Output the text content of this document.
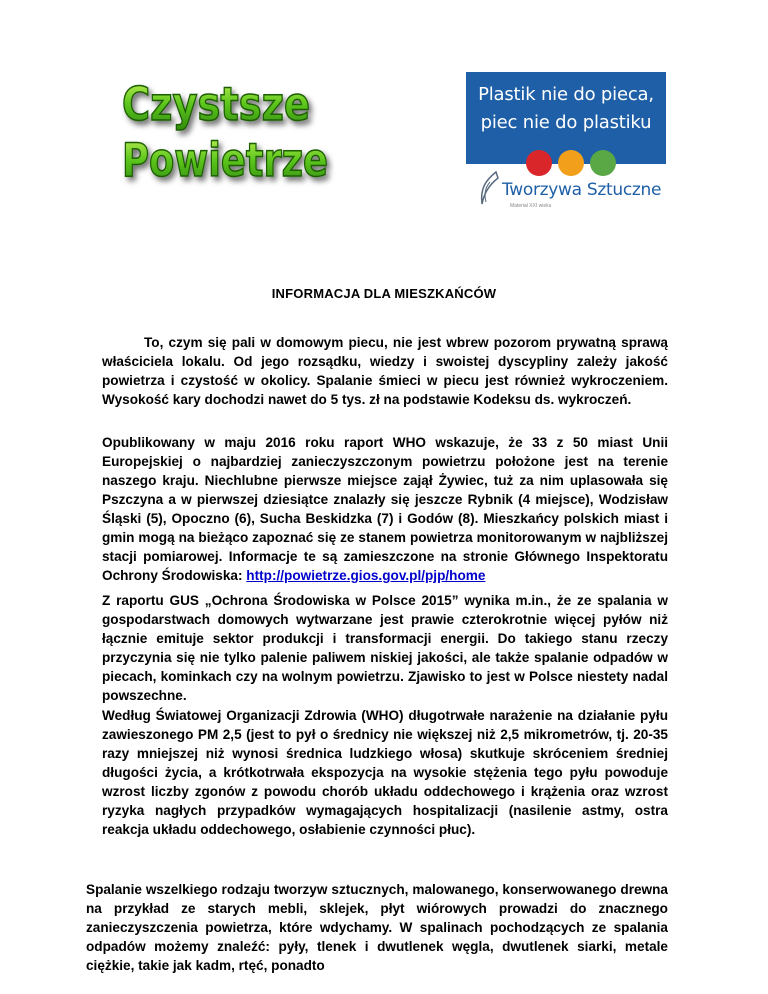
Czystsze
Powietrze
Plastik nie do pieca,
piec nie do plastiku
Tworzywa Sztuczne
Materiał XXI wieku
INFORMACJA DLA MIESZKAŃCÓW

To, czym się pali w domowym piecu, nie jest wbrew pozorom prywatną sprawą właściciela lokalu. Od jego rozsądku, wiedzy i swoistej dyscypliny zależy jakość powietrza i czystość w okolicy. Spalanie śmieci w piecu jest również wykroczeniem. Wysokość kary dochodzi nawet do 5 tys. zł na podstawie Kodeksu ds. wykroczeń.

Opublikowany w maju 2016 roku raport WHO wskazuje, że 33 z 50 miast Unii Europejskiej o najbardziej zanieczyszczonym powietrzu położone jest na terenie naszego kraju. Niechlubne pierwsze miejsce zajął Żywiec, tuż za nim uplasowała się Pszczyna a w pierwszej dziesiątce znalazły się jeszcze Rybnik (4 miejsce), Wodzisław Śląski (5), Opoczno (6), Sucha Beskidzka (7) i Godów (8). Mieszkańcy polskich miast i gmin mogą na bieżąco zapoznać się ze stanem powietrza monitorowanym w najbliższej stacji pomiarowej. Informacje te są zamieszczone na stronie Głównego Inspektoratu Ochrony Środowiska: http://powietrze.gios.gov.pl/pjp/home

Z raportu GUS „Ochrona Środowiska w Polsce 2015” wynika m.in., że ze spalania w gospodarstwach domowych wytwarzane jest prawie czterokrotnie więcej pyłów niż łącznie emituje sektor produkcji i transformacji energii. Do takiego stanu rzeczy przyczynia się nie tylko palenie paliwem niskiej jakości, ale także spalanie odpadów w piecach, kominkach czy na wolnym powietrzu. Zjawisko to jest w Polsce niestety nadal powszechne.

Według Światowej Organizacji Zdrowia (WHO) długotrwałe narażenie na działanie pyłu zawieszonego PM 2,5 (jest to pył o średnicy nie większej niż 2,5 mikrometrów, tj. 20-35 razy mniejszej niż wynosi średnica ludzkiego włosa) skutkuje skróceniem średniej długości życia, a krótkotrwała ekspozycja na wysokie stężenia tego pyłu powoduje wzrost liczby zgonów z powodu chorób układu oddechowego i krążenia oraz wzrost ryzyka nagłych przypadków wymagających hospitalizacji (nasilenie astmy, ostra reakcja układu oddechowego, osłabienie czynności płuc).

Spalanie wszelkiego rodzaju tworzyw sztucznych, malowanego, konserwowanego drewna na przykład ze starych mebli, sklejek, płyt wiórowych prowadzi do znacznego zanieczyszczenia powietrza, które wdychamy. W spalinach pochodzących ze spalania odpadów możemy znaleźć: pyły, tlenek i dwutlenek węgla, dwutlenek siarki, metale ciężkie, takie jak kadm, rtęć, ponadto
